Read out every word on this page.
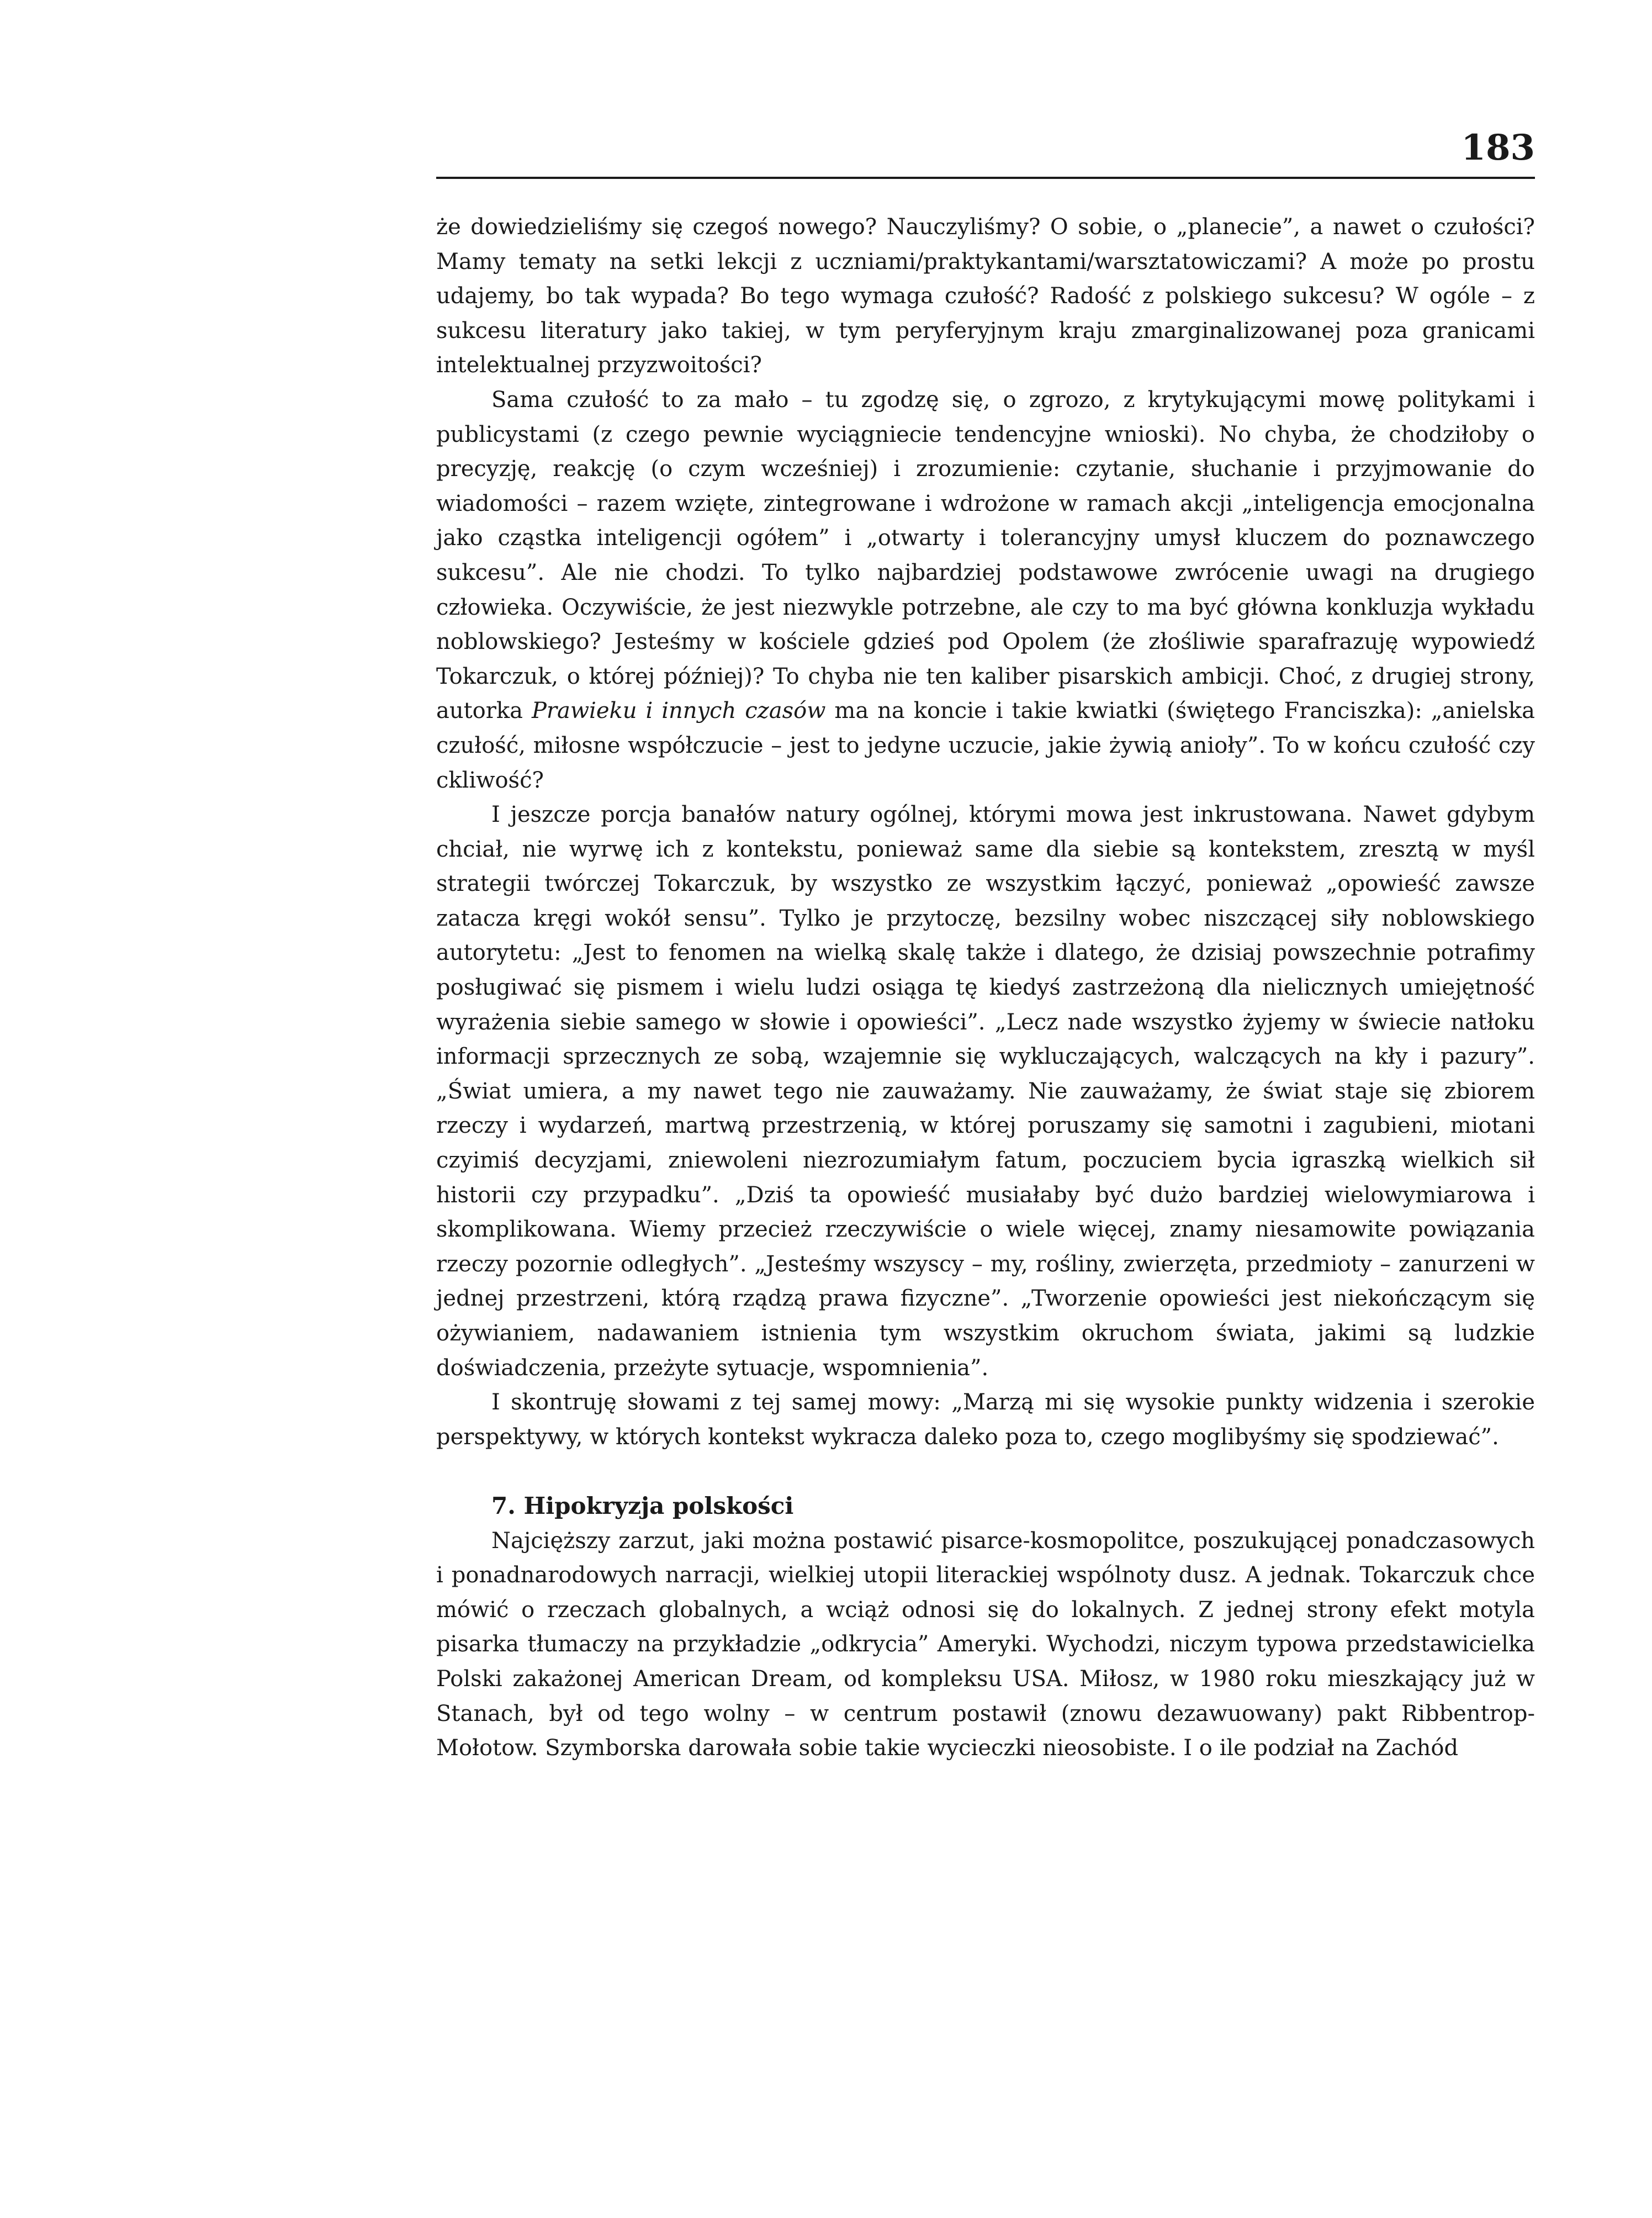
183

że dowiedzieliśmy się czegoś nowego? Nauczyliśmy? O sobie, o „planecie”, a nawet o czułości? Mamy tematy na setki lekcji z uczniami/praktykantami/warsztatowiczami? A może po prostu udajemy, bo tak wypada? Bo tego wymaga czułość? Radość z polskiego sukcesu? W ogóle – z sukcesu literatury jako takiej, w tym peryferyjnym kraju zmarginalizowanej poza granicami intelektualnej przyzwoitości?

Sama czułość to za mało – tu zgodzę się, o zgrozo, z krytykującymi mowę politykami i publicystami (z czego pewnie wyciągniecie tendencyjne wnioski). No chyba, że chodziłoby o precyzję, reakcję (o czym wcześniej) i zrozumienie: czytanie, słuchanie i przyjmowanie do wiadomości – razem wzięte, zintegrowane i wdrożone w ramach akcji „inteligencja emocjonalna jako cząstka inteligencji ogółem” i „otwarty i tolerancyjny umysł kluczem do poznawczego sukcesu”. Ale nie chodzi. To tylko najbardziej podstawowe zwrócenie uwagi na drugiego człowieka. Oczywiście, że jest niezwykle potrzebne, ale czy to ma być główna konkluzja wykładu noblowskiego? Jesteśmy w kościele gdzieś pod Opolem (że złośliwie sparafrazuję wypowiedź Tokarczuk, o której później)? To chyba nie ten kaliber pisarskich ambicji. Choć, z drugiej strony, autorka Prawieku i innych czasów ma na koncie i takie kwiatki (świętego Franciszka): „anielska czułość, miłosne współczucie – jest to jedyne uczucie, jakie żywią anioły”. To w końcu czułość czy ckliwość?

I jeszcze porcja banałów natury ogólnej, którymi mowa jest inkrustowana. Nawet gdybym chciał, nie wyrwę ich z kontekstu, ponieważ same dla siebie są kontekstem, zresztą w myśl strategii twórczej Tokarczuk, by wszystko ze wszystkim łączyć, ponieważ „opowieść zawsze zatacza kręgi wokół sensu”. Tylko je przytoczę, bezsilny wobec niszczącej siły noblowskiego autorytetu: „Jest to fenomen na wielką skalę także i dlatego, że dzisiaj powszechnie potrafimy posługiwać się pismem i wielu ludzi osiąga tę kiedyś zastrzeżoną dla nielicznych umiejętność wyrażenia siebie samego w słowie i opowieści”. „Lecz nade wszystko żyjemy w świecie natłoku informacji sprzecznych ze sobą, wzajemnie się wykluczających, walczących na kły i pazury”. „Świat umiera, a my nawet tego nie zauważamy. Nie zauważamy, że świat staje się zbiorem rzeczy i wydarzeń, martwą przestrzenią, w której poruszamy się samotni i zagubieni, miotani czyimiś decyzjami, zniewoleni niezrozumiałym fatum, poczuciem bycia igraszką wielkich sił historii czy przypadku”. „Dziś ta opowieść musiałaby być dużo bardziej wielowymiarowa i skomplikowana. Wiemy przecież rzeczywiście o wiele więcej, znamy niesamowite powiązania rzeczy pozornie odległych”. „Jesteśmy wszyscy – my, rośliny, zwierzęta, przedmioty – zanurzeni w jednej przestrzeni, którą rządzą prawa fizyczne”. „Tworzenie opowieści jest niekończącym się ożywianiem, nadawaniem istnienia tym wszystkim okruchom świata, jakimi są ludzkie doświadczenia, przeżyte sytuacje, wspomnienia”.

I skontruję słowami z tej samej mowy: „Marzą mi się wysokie punkty widzenia i szerokie perspektywy, w których kontekst wykracza daleko poza to, czego moglibyśmy się spodziewać”.

7. Hipokryzja polskości

Najcięższy zarzut, jaki można postawić pisarce-kosmopolitce, poszukującej ponadczasowych i ponadnarodowych narracji, wielkiej utopii literackiej wspólnoty dusz. A jednak. Tokarczuk chce mówić o rzeczach globalnych, a wciąż odnosi się do lokalnych. Z jednej strony efekt motyla pisarka tłumaczy na przykładzie „odkrycia” Ameryki. Wychodzi, niczym typowa przedstawicielka Polski zakażonej American Dream, od kompleksu USA. Miłosz, w 1980 roku mieszkający już w Stanach, był od tego wolny – w centrum postawił (znowu dezawuowany) pakt Ribbentrop-Mołotow. Szymborska darowała sobie takie wycieczki nieosobiste. I o ile podział na Zachód
